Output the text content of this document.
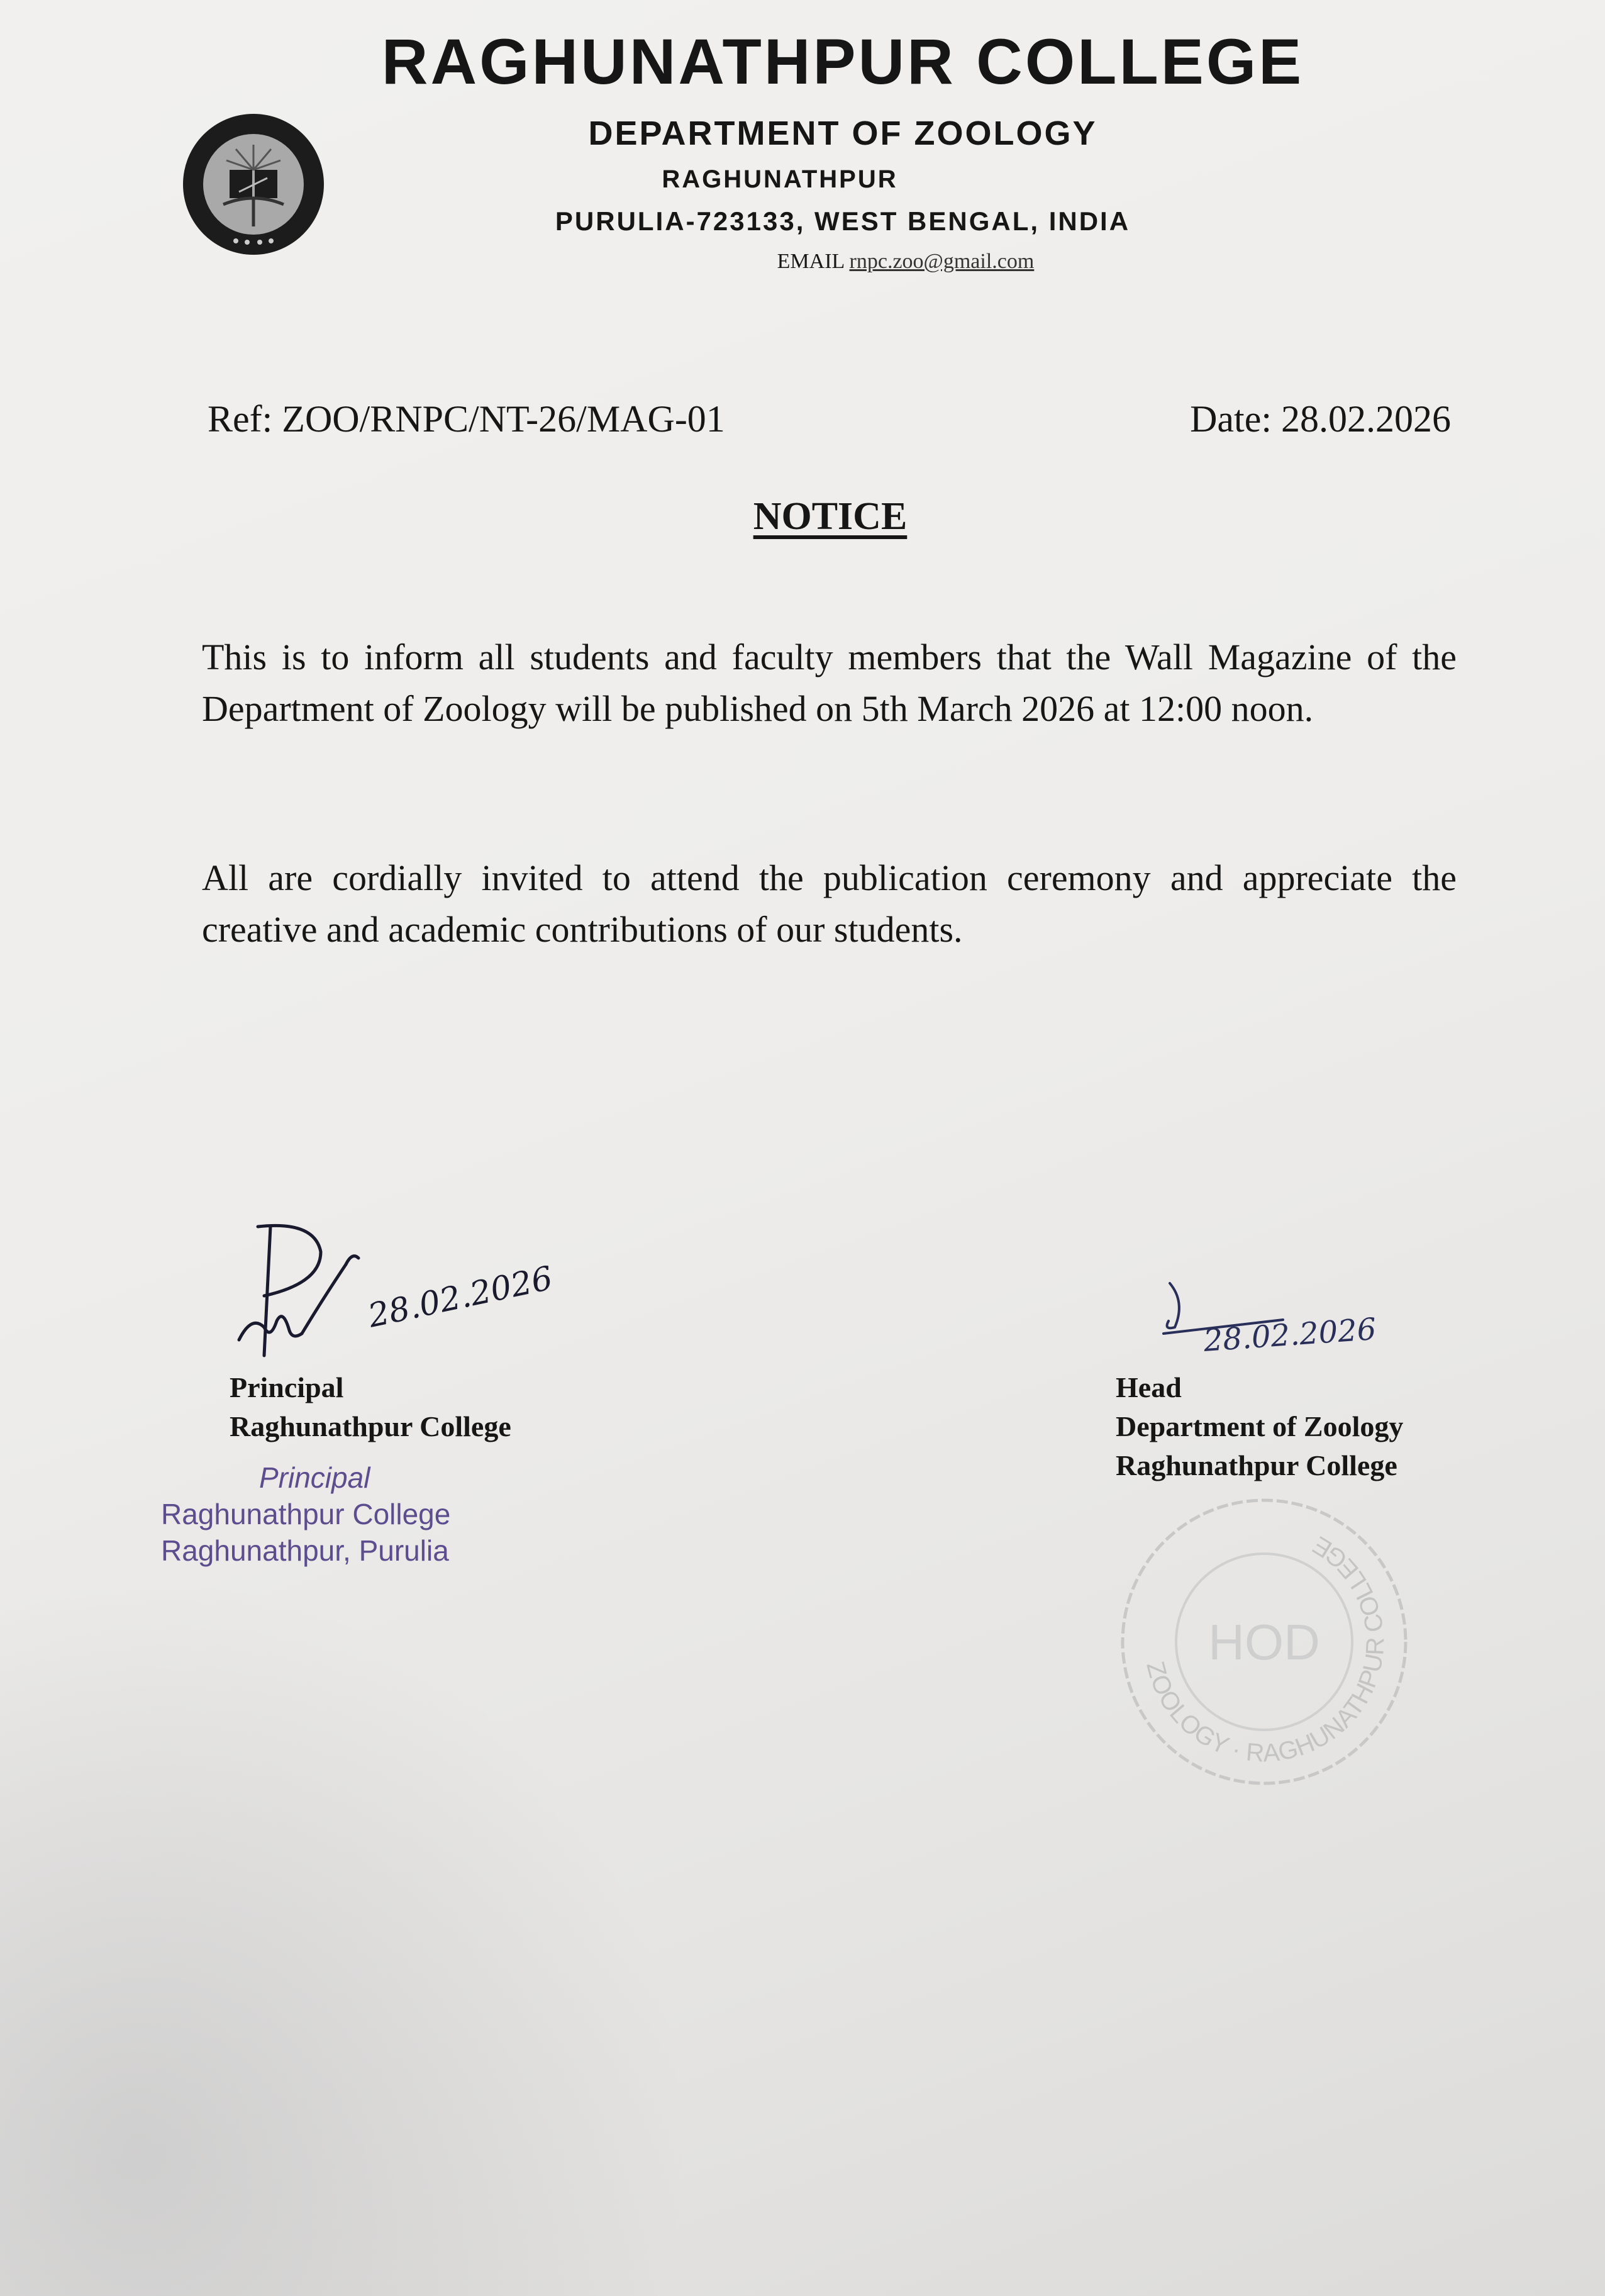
RAGHUNATHPUR COLLEGE
DEPARTMENT OF ZOOLOGY
RAGHUNATHPUR
PURULIA-723133, WEST BENGAL, INDIA
EMAIL rnpc.zoo@gmail.com
Ref: ZOO/RNPC/NT-26/MAG-01	Date: 28.02.2026
NOTICE
This is to inform all students and faculty members that the Wall Magazine of the Department of Zoology will be published on 5th March 2026 at 12:00 noon.
All are cordially invited to attend the publication ceremony and appreciate the creative and academic contributions of our students.
28.02.2026
Principal
Raghunathpur College
Principal
Raghunathpur College
Raghunathpur, Purulia
ZOOLOGY · RAGHUNATHPUR COLLEGE
HOD
28.02.2026
Head
Department of Zoology
Raghunathpur College
